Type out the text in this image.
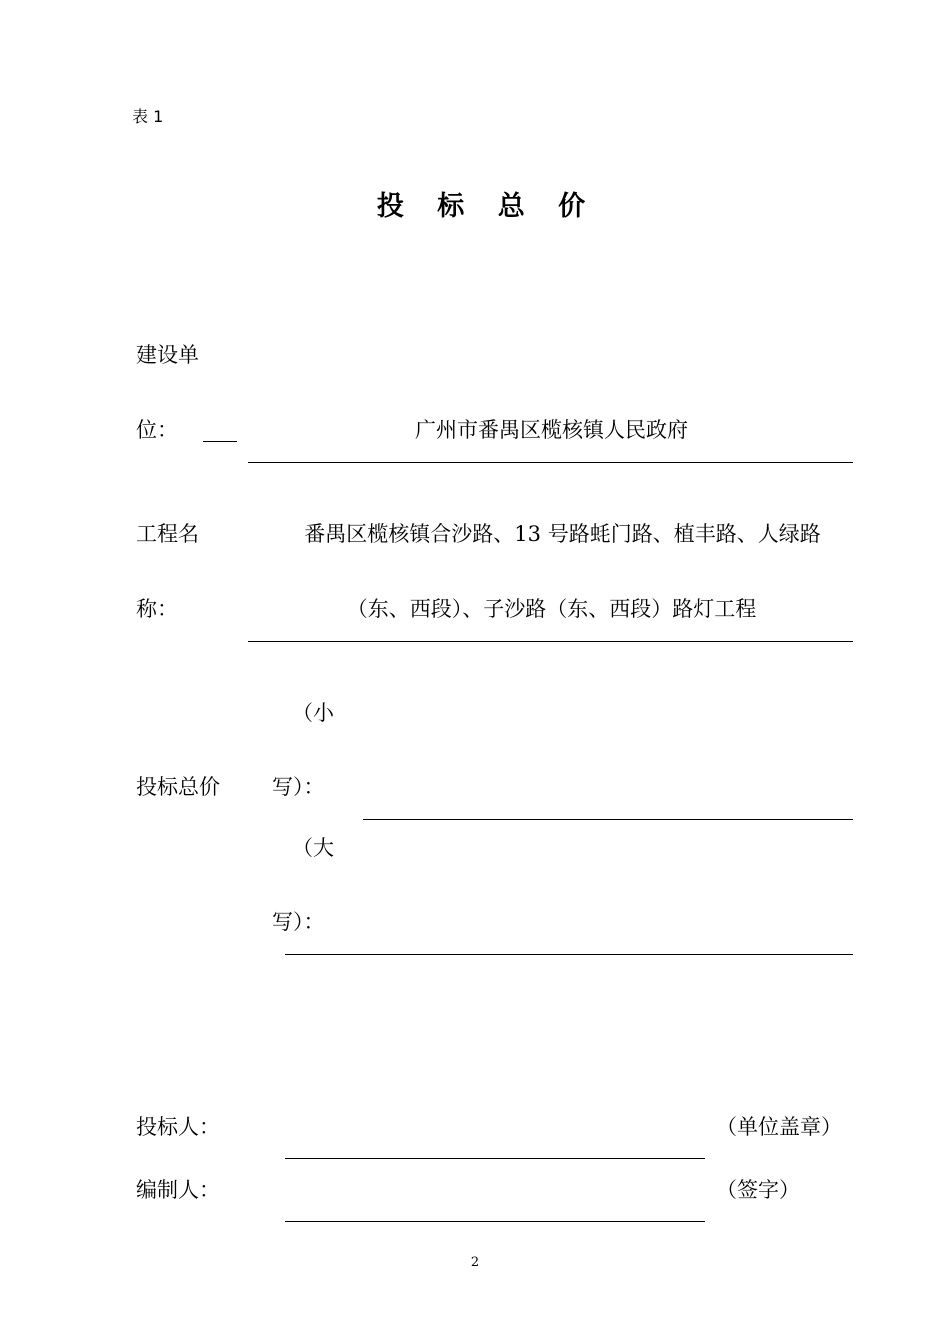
表 1
投 标 总 价
建设单
位：	广州市番禺区榄核镇人民政府
工程名
称：
番禺区榄核镇合沙路、13 号路蚝门路、植丰路、人绿路
（东、西段）、子沙路（东、西段）路灯工程
投标总价
（小
写）：
（大
写）：
投标人：	（单位盖章）
编制人：	（签字）
2
